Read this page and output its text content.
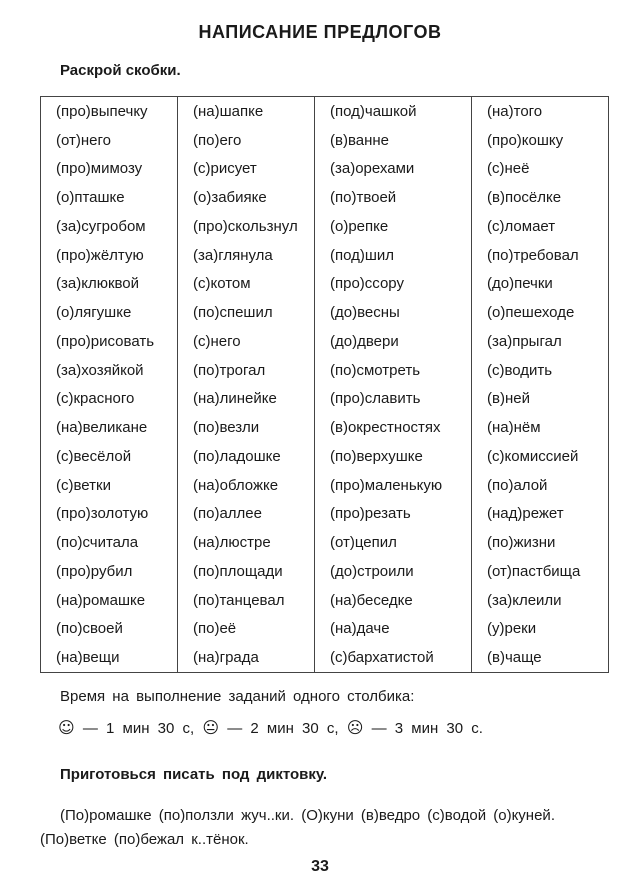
НАПИСАНИЕ ПРЕДЛОГОВ
Раскрой скобки.
(про)выпечку	(на)шапке	(под)чашкой	(на)того
(от)него	(по)его	(в)ванне	(про)кошку
(про)мимозу	(с)рисует	(за)орехами	(с)неё
(о)пташке	(о)забияке	(по)твоей	(в)посёлке
(за)сугробом	(про)скользнул	(о)репке	(с)ломает
(про)жёлтую	(за)глянула	(под)шил	(по)требовал
(за)клюквой	(с)котом	(про)ссору	(до)печки
(о)лягушке	(по)спешил	(до)весны	(о)пешеходе
(про)рисовать	(с)него	(до)двери	(за)прыгал
(за)хозяйкой	(по)трогал	(по)смотреть	(с)водить
(с)красного	(на)линейке	(про)славить	(в)ней
(на)великане	(по)везли	(в)окрестностях	(на)нём
(с)весёлой	(по)ладошке	(по)верхушке	(с)комиссией
(с)ветки	(на)обложке	(про)маленькую	(по)алой
(про)золотую	(по)аллее	(про)резать	(над)режет
(по)считала	(на)люстре	(от)цепил	(по)жизни
(про)рубил	(по)площади	(до)строили	(от)пастбища
(на)ромашке	(по)танцевал	(на)беседке	(за)клеили
(по)своей	(по)её	(на)даче	(у)реки
(на)вещи	(на)града	(с)бархатистой	(в)чаще
Время на выполнение заданий одного столбика:
☺ — 1 мин 30 с, 😐 — 2 мин 30 с, ☹ — 3 мин 30 с.
Приготовься писать под диктовку.
(По)ромашке (по)ползли жуч..ки. (О)куни (в)ведро (с)водой (о)куней. (По)ветке (по)бежал к..тёнок.
33
